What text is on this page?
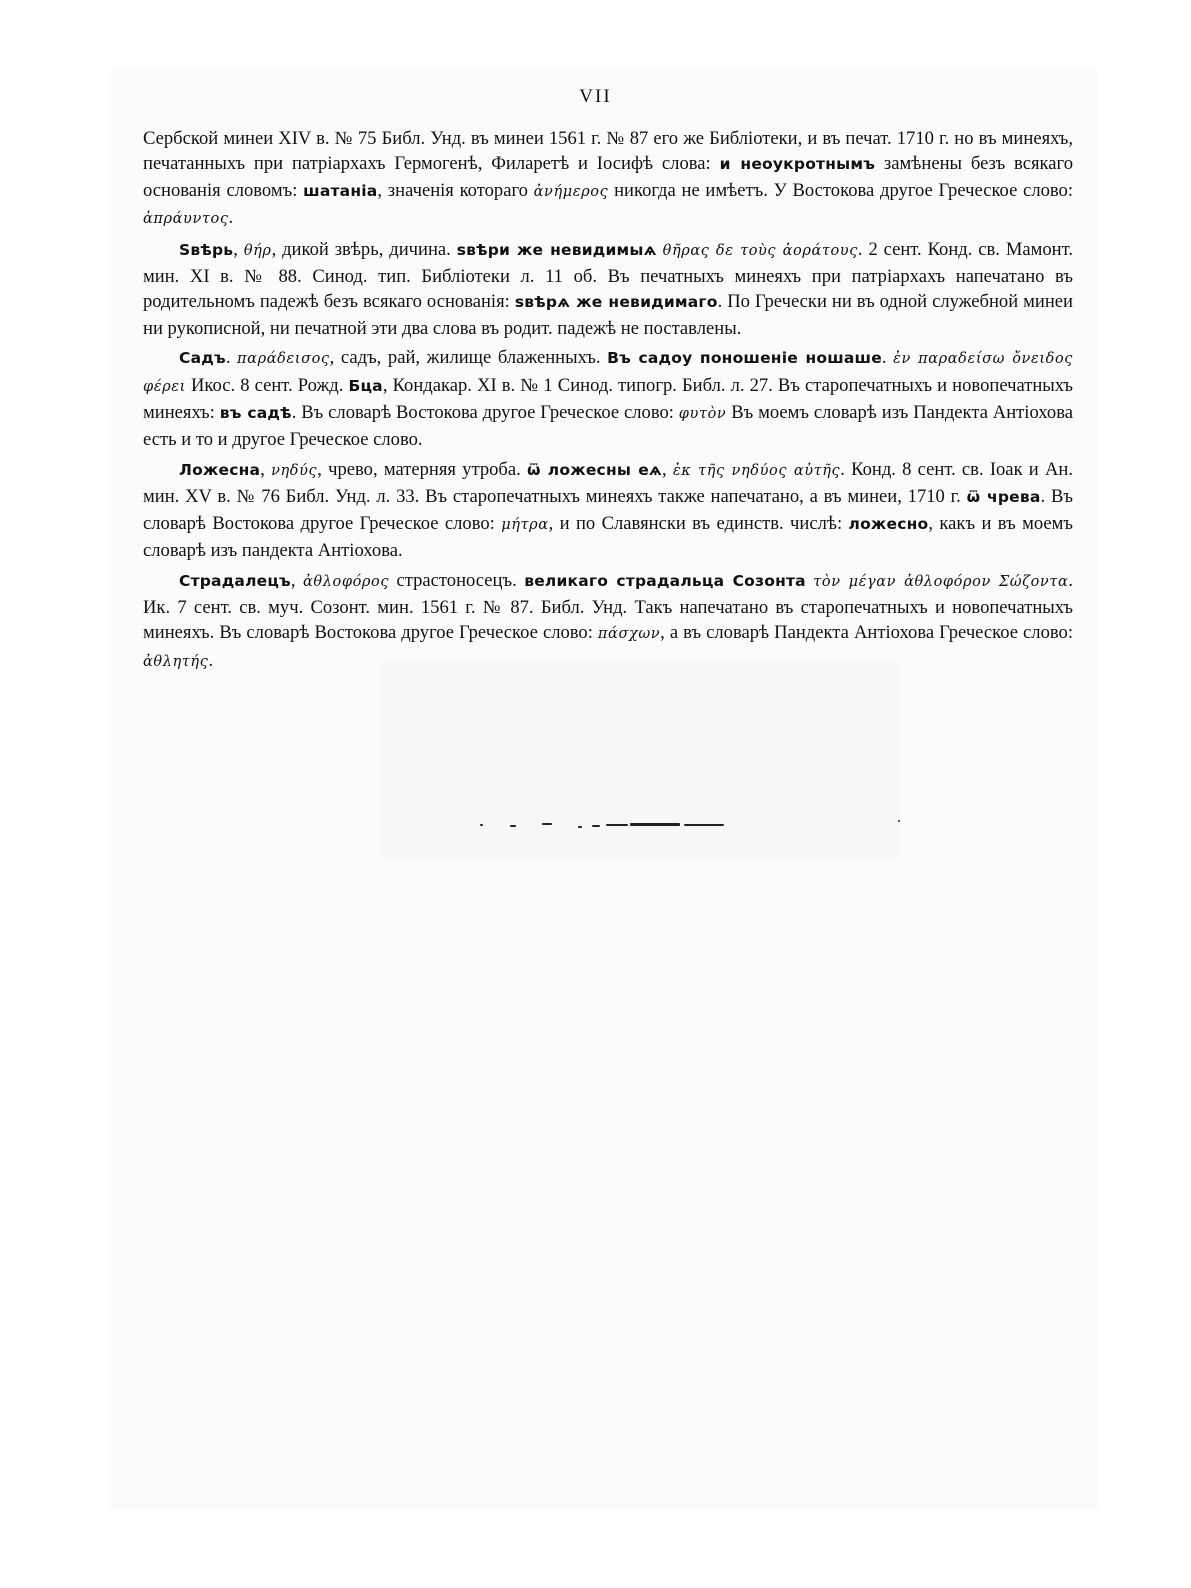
VII

Сербской минеи XIV в. № 75 Библ. Унд. въ минеи 1561 г. № 87 его же Библіотеки, и въ печат. 1710 г. но въ минеяхъ, печатанныхъ при патріархахъ Гермогенѣ, Филаретѣ и Іосифѣ слова: и неоукротнымъ замѣнены безъ всякаго основанія словомъ: шатаніа, значенія котораго ἀνήμερος никогда не имѣетъ. У Востокова другое Греческое слово: ἀπράυντος.

Ѕвѣрь, θήρ, дикой звѣрь, дичина. ѕвѣри же невидимыѧ θῆρας δε τοὺς ἀοράτους. 2 сент. Конд. св. Мамонт. мин. XI в. № 88. Синод. тип. Библіотеки л. 11 об. Въ печатныхъ минеяхъ при патріархахъ напечатано въ родительномъ падежѣ безъ всякаго основанія: ѕвѣрѧ же невидимаго. По Гречески ни въ одной служебной минеи ни рукописной, ни печатной эти два слова въ родит. падежѣ не поставлены.

Садъ. παράδεισος, садъ, рай, жилище блаженныхъ. Въ садоу поношеніе ношаше. ἐν παραδείσω ὄνειδος φέρει Икос. 8 сент. Рожд. Бца, Кондакар. XI в. № 1 Синод. типогр. Библ. л. 27. Въ старопечатныхъ и новопечатныхъ минеяхъ: въ садѣ. Въ словарѣ Востокова другое Греческое слово: φυτὸν Въ моемъ словарѣ изъ Пандекта Антіохова есть и то и другое Греческое слово.

Ложесна, νηδύς, чрево, матерняя утроба. ѿ ложесны еѧ, ἐκ τῆς νηδύος αὐτῆς. Конд. 8 сент. св. Іоак и Ан. мин. XV в. № 76 Библ. Унд. л. 33. Въ старопечатныхъ минеяхъ также напечатано, а въ минеи, 1710 г. ѿ чрева. Въ словарѣ Востокова другое Греческое слово: μήτρα, и по Славянски въ единств. числѣ: ложесно, какъ и въ моемъ словарѣ изъ пандекта Антіохова.

Страдалецъ, ἀθλοφόρος страстоносецъ. великаго страдальца Созонта τὸν μέγαν ἀθλοφόρον Σώζοντα. Ик. 7 сент. св. муч. Созонт. мин. 1561 г. № 87. Библ. Унд. Такъ напечатано въ старопечатныхъ и новопечатныхъ минеяхъ. Въ словарѣ Востокова другое Греческое слово: πάσχων, а въ словарѣ Пандекта Антіохова Греческое слово: ἀθλητής.
